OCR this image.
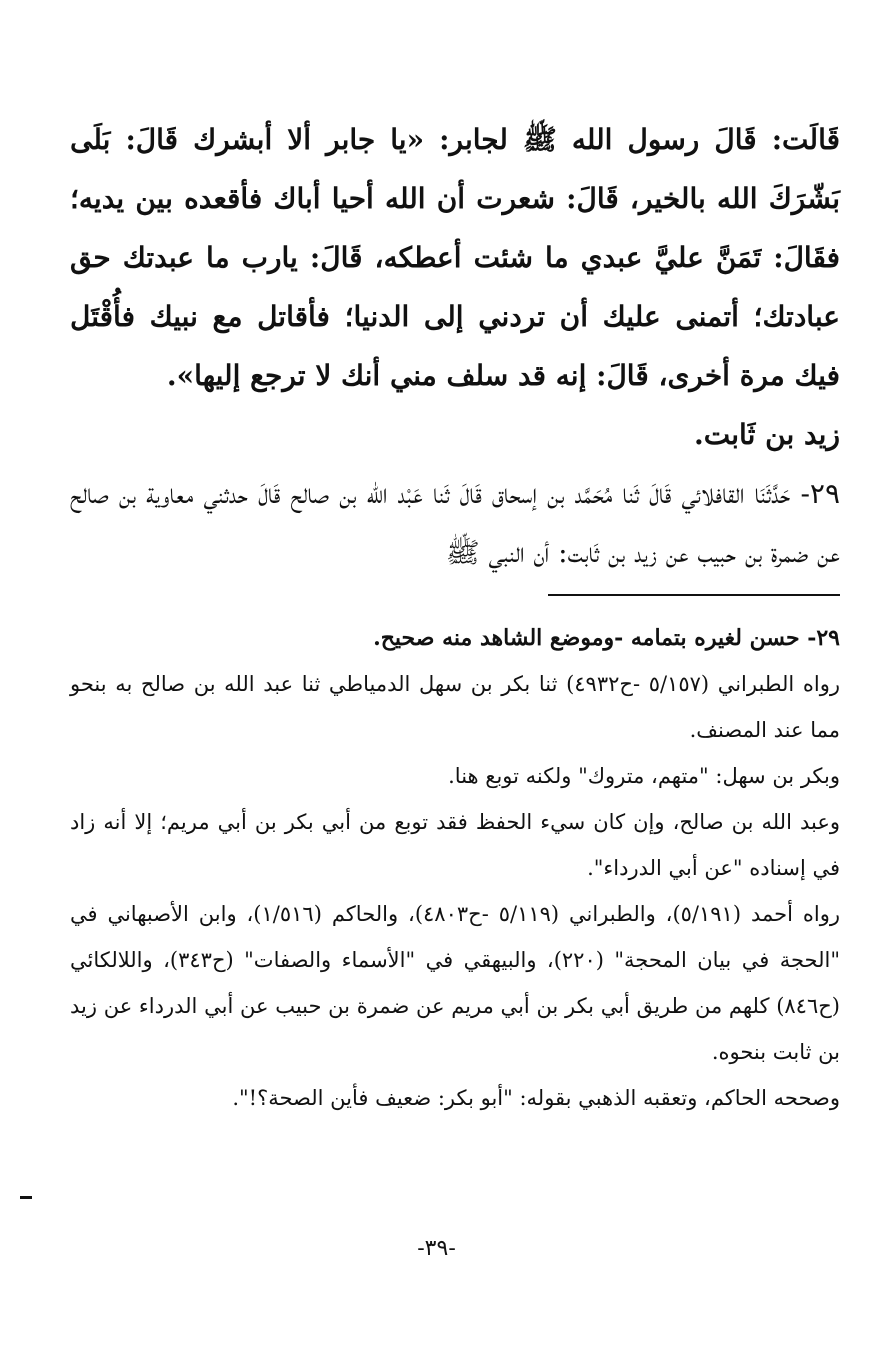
قَالَت: قَالَ رسول الله ﷺ لجابر: «يا جابر ألا أبشرك قَالَ: بَلَى بَشّرَكَ الله بالخير، قَالَ: شعرت أن الله أحيا أباك فأقعده بين يديه؛ فقَالَ: تَمَنَّ عليَّ عبدي ما شئت أعطكه، قَالَ: يارب ما عبدتك حق عبادتك؛ أتمنى عليك أن تردني إلى الدنيا؛ فأقاتل مع نبيك فأُقْتَل فيك مرة أخرى، قَالَ: إنه قد سلف مني أنك لا ترجع إليها».

زيد بن ثَابت.

٢٩- حَدَّثَنَا القافلائي قَالَ ثَنا مُحَمَّد بن إسحاق قَالَ ثَنا عَبْد الله بن صالح قَالَ حدثني معاوية بن صالح عن ضمرة بن حبيب عن زيد بن ثَابت: أن النبي ﷺ

٢٩- حسن لغيره بتمامه -وموضع الشاهد منه صحيح.

رواه الطبراني (٥/١٥٧ -ح٤٩٣٢) ثنا بكر بن سهل الدمياطي ثنا عبد الله بن صالح به بنحو مما عند المصنف.

وبكر بن سهل: "متهم، متروك" ولكنه توبع هنا.

وعبد الله بن صالح، وإن كان سيء الحفظ فقد توبع من أبي بكر بن أبي مريم؛ إلا أنه زاد في إسناده "عن أبي الدرداء".

رواه أحمد (٥/١٩١)، والطبراني (٥/١١٩ -ح٤٨٠٣)، والحاكم (١/٥١٦)، وابن الأصبهاني في "الحجة في بيان المحجة" (٢٢٠)، والبيهقي في "الأسماء والصفات" (ح٣٤٣)، واللالكائي (ح٨٤٦) كلهم من طريق أبي بكر بن أبي مريم عن ضمرة بن حبيب عن أبي الدرداء عن زيد بن ثابت بنحوه.

وصححه الحاكم، وتعقبه الذهبي بقوله: "أبو بكر: ضعيف فأين الصحة؟!".

-٣٩-
